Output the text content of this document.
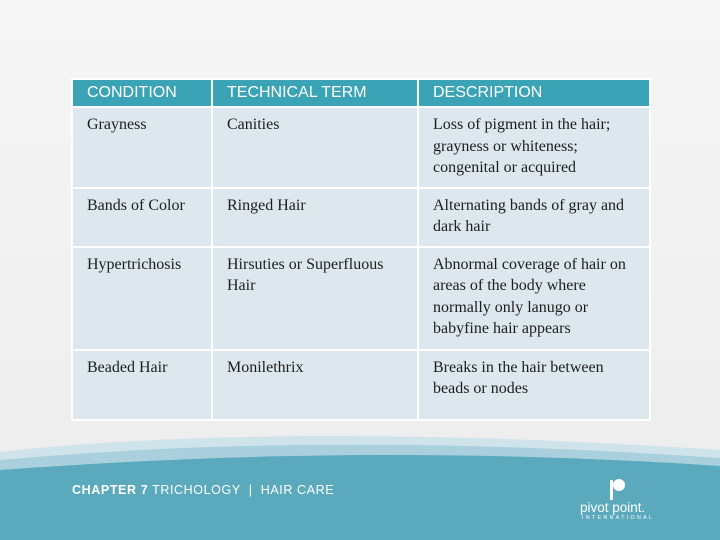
CONDITION	TECHNICAL TERM	DESCRIPTION
Grayness	Canities	Loss of pigment in the hair; grayness or whiteness; congenital or acquired
Bands of Color	Ringed Hair	Alternating bands of gray and dark hair
Hypertrichosis	Hirsuties or Superfluous Hair	Abnormal coverage of hair on areas of the body where normally only lanugo or babyfine hair appears
Beaded Hair	Monilethrix	Breaks in the hair between beads or nodes
CHAPTER 7 TRICHOLOGY | HAIR CARE
pivot point.
INTERNATIONAL
